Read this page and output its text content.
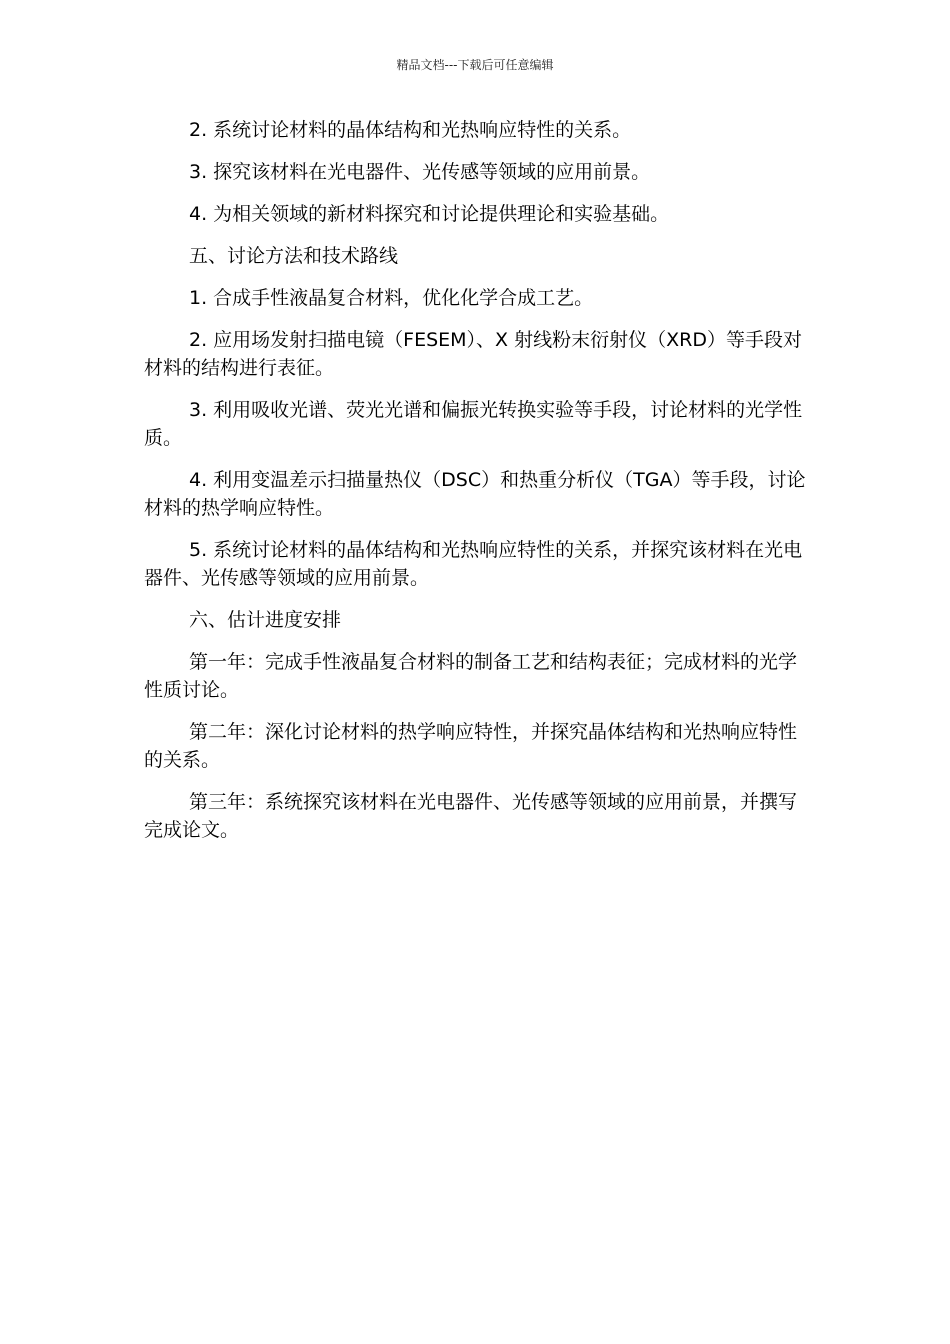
精品文档---下载后可任意编辑

2. 系统讨论材料的晶体结构和光热响应特性的关系。

3. 探究该材料在光电器件、光传感等领域的应用前景。

4. 为相关领域的新材料探究和讨论提供理论和实验基础。

五、讨论方法和技术路线

1. 合成手性液晶复合材料，优化化学合成工艺。

2. 应用场发射扫描电镜（FESEM）、X 射线粉末衍射仪（XRD）等手段对材料的结构进行表征。

3. 利用吸收光谱、荧光光谱和偏振光转换实验等手段，讨论材料的光学性质。

4. 利用变温差示扫描量热仪（DSC）和热重分析仪（TGA）等手段，讨论材料的热学响应特性。

5. 系统讨论材料的晶体结构和光热响应特性的关系，并探究该材料在光电器件、光传感等领域的应用前景。

六、估计进度安排

第一年：完成手性液晶复合材料的制备工艺和结构表征；完成材料的光学性质讨论。

第二年：深化讨论材料的热学响应特性，并探究晶体结构和光热响应特性的关系。

第三年：系统探究该材料在光电器件、光传感等领域的应用前景，并撰写完成论文。
